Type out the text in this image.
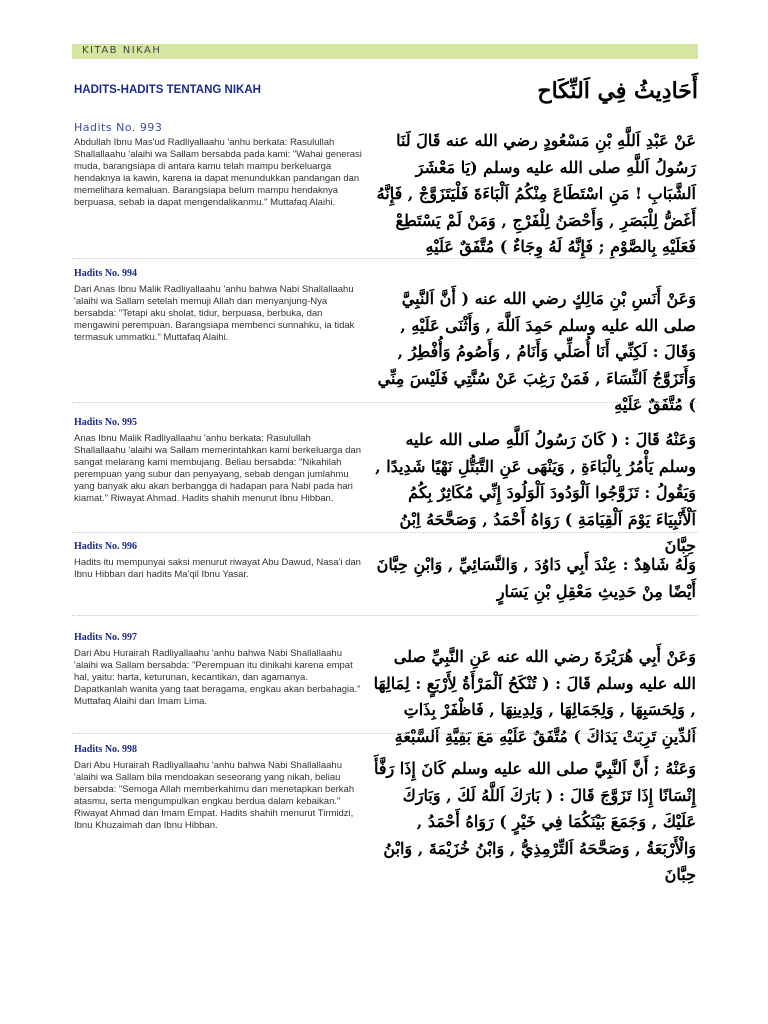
KITAB NIKAH
HADITS-HADITS TENTANG NIKAH	أَحَادِيثُ فِي اَلنِّكَاح
Hadits No. 993
Abdullah Ibnu Mas'ud Radliyallaahu 'anhu berkata: Rasulullah Shallallaahu 'alaihi wa Sallam bersabda pada kami: "Wahai generasi muda, barangsiapa di antara kamu telah mampu berkeluarga hendaknya ia kawin, karena ia dapat menundukkan pandangan dan memelihara kemaluan. Barangsiapa belum mampu hendaknya berpuasa, sebab ia dapat mengendalikanmu." Muttafaq Alaihi.
عَنْ عَبْدِ اَللَّهِ بْنِ مَسْعُودٍ رضي الله عنه قَالَ لَنَا رَسُولُ اَللَّهِ صلى الله عليه وسلم (يَا مَعْشَرَ اَلشَّبَابِ ! مَنِ اسْتَطَاعَ مِنْكُمُ اَلْبَاءَةَ فَلْيَتَزَوَّجْ , فَإِنَّهُ أَغَضُّ لِلْبَصَرِ , وَأَحْصَنُ لِلْفَرْجِ , وَمَنْ لَمْ يَسْتَطِعْ فَعَلَيْهِ بِالصَّوْمِ ; فَإِنَّهُ لَهُ وِجَاءٌ ) مُتَّفَقٌ عَلَيْهِ
Hadits No. 994
Dari Anas Ibnu Malik Radliyallaahu 'anhu bahwa Nabi Shallallaahu 'alaihi wa Sallam setelah memuji Allah dan menyanjung-Nya bersabda: "Tetapi aku sholat, tidur, berpuasa, berbuka, dan mengawini perempuan. Barangsiapa membenci sunnahku, ia tidak termasuk ummatku." Muttafaq Alaihi.
وَعَنْ أَنَسِ بْنِ مَالِكٍ رضي الله عنه ( أَنَّ اَلنَّبِيَّ صلى الله عليه وسلم حَمِدَ اَللَّهَ , وَأَثْنَى عَلَيْهِ , وَقَالَ : لَكِنِّي أَنَا أُصَلِّي وَأَنَامُ , وَأَصُومُ وَأُفْطِرُ , وَأَتَزَوَّجُ اَلنِّسَاءَ , فَمَنْ رَغِبَ عَنْ سُنَّتِي فَلَيْسَ مِنِّي ) مُتَّفَقٌ عَلَيْهِ
Hadits No. 995
Anas Ibnu Malik Radliyallaahu 'anhu berkata: Rasulullah Shallallaahu 'alaihi wa Sallam memerintahkan kami berkeluarga dan sangat melarang kami membujang. Beliau bersabda: "Nikahilah perempuan yang subur dan penyayang, sebab dengan jumlahmu yang banyak aku akan berbangga di hadapan para Nabi pada hari kiamat." Riwayat Ahmad. Hadits shahih menurut Ibnu Hibban.
وَعَنْهُ قَالَ : ( كَانَ رَسُولُ اَللَّهِ صلى الله عليه وسلم يَأْمُرُ بِالْبَاءَةِ , وَيَنْهَى عَنِ التَّبَتُّلِ نَهْيًا شَدِيدًا , وَيَقُولُ : تَزَوَّجُوا اَلْوَدُودَ اَلْوَلُودَ إِنِّي مُكَاثِرٌ بِكُمُ اَلْأَنْبِيَاءَ يَوْمَ اَلْقِيَامَةِ ) رَوَاهُ أَحْمَدُ , وَصَحَّحَهُ اِبْنُ حِبَّانَ
Hadits No. 996
Hadits itu mempunyai saksi menurut riwayat Abu Dawud, Nasa'i dan Ibnu Hibban dari hadits Ma'qil Ibnu Yasar.
وَلَهُ شَاهِدٌ : عِنْدَ أَبِي دَاوُدَ , وَالنَّسَائِيِّ , وَابْنِ حِبَّانَ أَيْضًا مِنْ حَدِيثِ مَعْقِلِ بْنِ يَسَارٍ
Hadits No. 997
Dari Abu Hurairah Radliyallaahu 'anhu bahwa Nabi Shallallaahu 'alaihi wa Sallam bersabda: "Perempuan itu dinikahi karena empat hal, yaitu: harta, keturunan, kecantikan, dan agamanya. Dapatkanlah wanita yang taat beragama, engkau akan berbahagia." Muttafaq Alaihi dan Imam Lima.
وَعَنْ أَبِي هُرَيْرَةَ رضي الله عنه عَنِ النَّبِيِّ صلى الله عليه وسلم قَالَ : ( تُنْكَحُ اَلْمَرْأَةُ لِأَرْبَعٍ : لِمَالِهَا , وَلِحَسَبِهَا , وَلِجَمَالِهَا , وَلِدِينِهَا , فَاظْفَرْ بِذَاتِ اَلدِّينِ تَرِبَتْ يَدَاكَ ) مُتَّفَقٌ عَلَيْهِ مَعَ بَقِيَّةِ اَلسَّبْعَةِ
Hadits No. 998
Dari Abu Hurairah Radliyallaahu 'anhu bahwa Nabi Shallallaahu 'alaihi wa Sallam bila mendoakan seseorang yang nikah, beliau bersabda: "Semoga Allah memberkahimu dan menetapkan berkah atasmu, serta mengumpulkan engkau berdua dalam kebaikan." Riwayat Ahmad dan Imam Empat. Hadits shahih menurut Tirmidzi, Ibnu Khuzaimah dan Ibnu Hibban.
وَعَنْهُ ; أَنَّ اَلنَّبِيَّ صلى الله عليه وسلم كَانَ إِذَا رَفَّأَ إِنْسَانًا إِذَا تَزَوَّجَ قَالَ : ( بَارَكَ اَللَّهُ لَكَ , وَبَارَكَ عَلَيْكَ , وَجَمَعَ بَيْنَكُمَا فِي خَيْرٍ ) رَوَاهُ أَحْمَدُ , وَالْأَرْبَعَةُ , وَصَحَّحَهُ اَلتِّرْمِذِيُّ , وَابْنُ خُزَيْمَةَ , وَابْنُ حِبَّانَ
